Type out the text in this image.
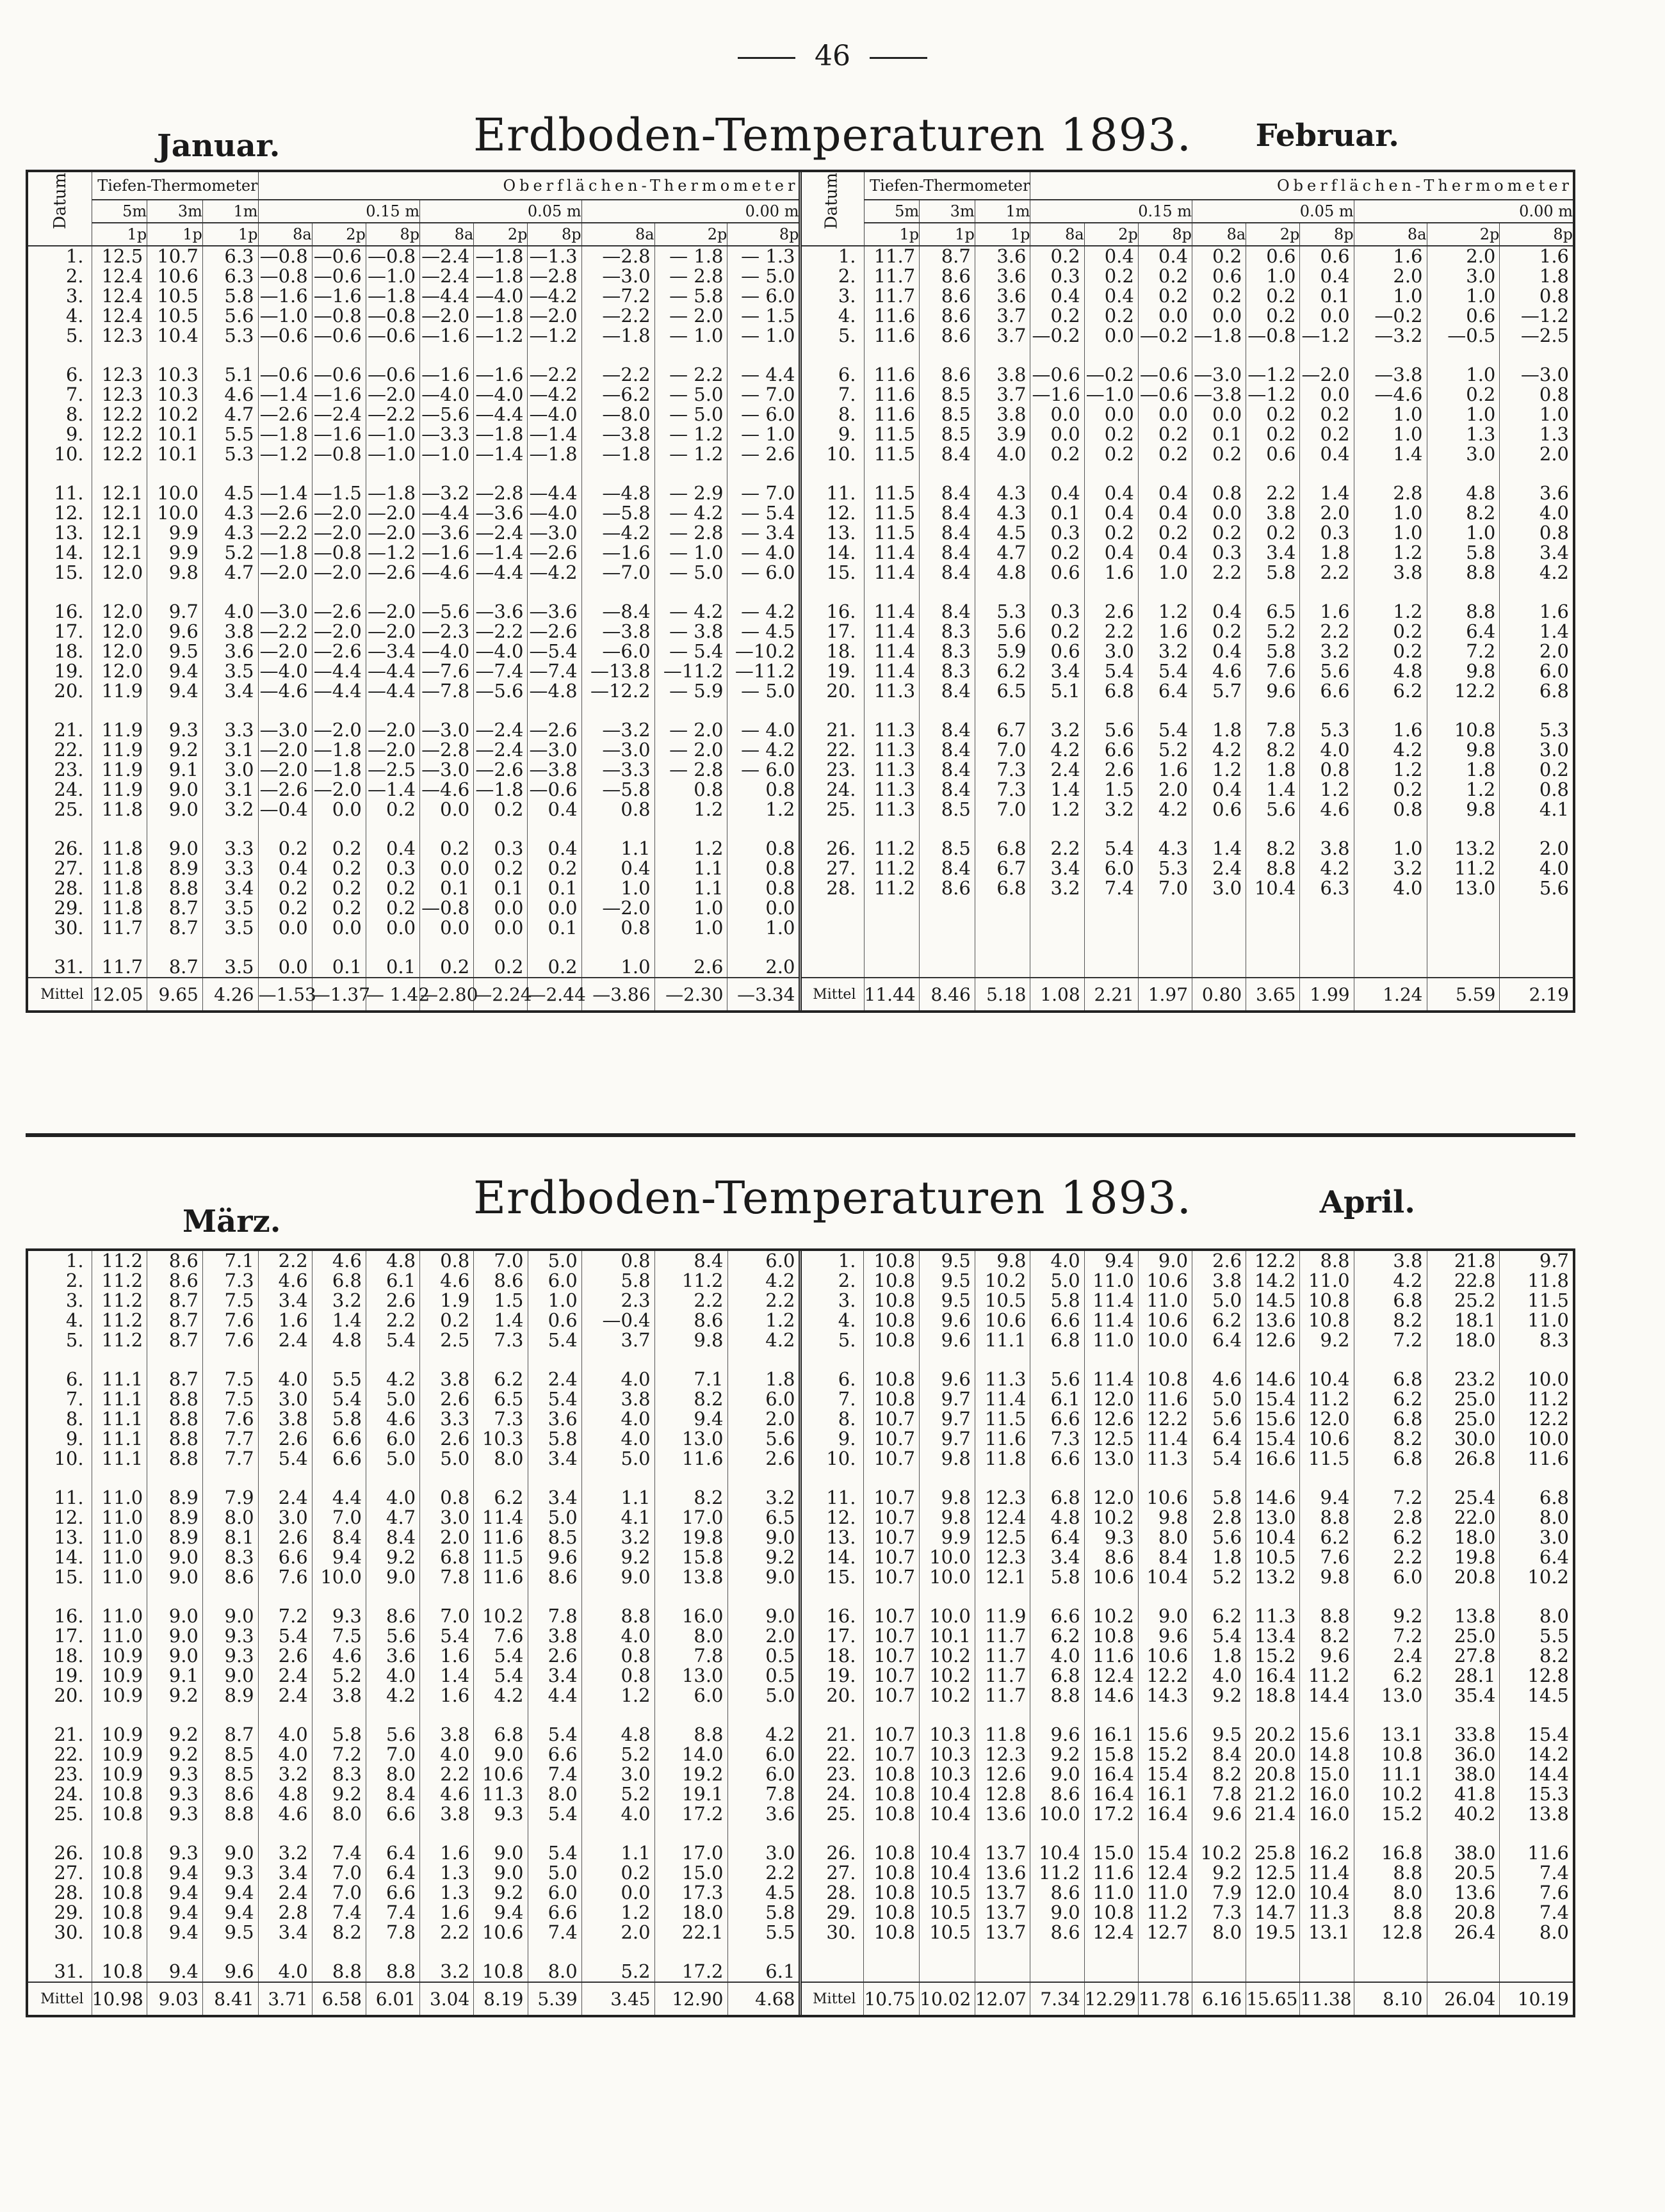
46
Januar.	Erdboden-Temperaturen 1893.	Februar.
Datum	Tiefen-Thermometer			Oberflächen-Thermometer									Datum	Tiefen-Thermometer			Oberflächen-Thermometer								
	5m	3m	1m	0.15 m			0.05 m			0.00 m				5m	3m	1m	0.15 m			0.05 m			0.00 m		
	1p	1p	1p	8a	2p	8p	8a	2p	8p	8a	2p	8p		1p	1p	1p	8a	2p	8p	8a	2p	8p	8a	2p	8p
1.	12.5	10.7	6.3	—0.8	—0.6	—0.8	—2.4	—1.8	—1.3	—2.8	— 1.8	— 1.3	1.	11.7	8.7	3.6	0.2	0.4	0.4	0.2	0.6	0.6	1.6	2.0	1.6
2.	12.4	10.6	6.3	—0.8	—0.6	—1.0	—2.4	—1.8	—2.8	—3.0	— 2.8	— 5.0	2.	11.7	8.6	3.6	0.3	0.2	0.2	0.6	1.0	0.4	2.0	3.0	1.8
3.	12.4	10.5	5.8	—1.6	—1.6	—1.8	—4.4	—4.0	—4.2	—7.2	— 5.8	— 6.0	3.	11.7	8.6	3.6	0.4	0.4	0.2	0.2	0.2	0.1	1.0	1.0	0.8
4.	12.4	10.5	5.6	—1.0	—0.8	—0.8	—2.0	—1.8	—2.0	—2.2	— 2.0	— 1.5	4.	11.6	8.6	3.7	0.2	0.2	0.0	0.0	0.2	0.0	—0.2	0.6	—1.2
5.	12.3	10.4	5.3	—0.6	—0.6	—0.6	—1.6	—1.2	—1.2	—1.8	— 1.0	— 1.0	5.	11.6	8.6	3.7	—0.2	0.0	—0.2	—1.8	—0.8	—1.2	—3.2	—0.5	—2.5

6.	12.3	10.3	5.1	—0.6	—0.6	—0.6	—1.6	—1.6	—2.2	—2.2	— 2.2	— 4.4	6.	11.6	8.6	3.8	—0.6	—0.2	—0.6	—3.0	—1.2	—2.0	—3.8	1.0	—3.0
7.	12.3	10.3	4.6	—1.4	—1.6	—2.0	—4.0	—4.0	—4.2	—6.2	— 5.0	— 7.0	7.	11.6	8.5	3.7	—1.6	—1.0	—0.6	—3.8	—1.2	0.0	—4.6	0.2	0.8
8.	12.2	10.2	4.7	—2.6	—2.4	—2.2	—5.6	—4.4	—4.0	—8.0	— 5.0	— 6.0	8.	11.6	8.5	3.8	0.0	0.0	0.0	0.0	0.2	0.2	1.0	1.0	1.0
9.	12.2	10.1	5.5	—1.8	—1.6	—1.0	—3.3	—1.8	—1.4	—3.8	— 1.2	— 1.0	9.	11.5	8.5	3.9	0.0	0.2	0.2	0.1	0.2	0.2	1.0	1.3	1.3
10.	12.2	10.1	5.3	—1.2	—0.8	—1.0	—1.0	—1.4	—1.8	—1.8	— 1.2	— 2.6	10.	11.5	8.4	4.0	0.2	0.2	0.2	0.2	0.6	0.4	1.4	3.0	2.0

11.	12.1	10.0	4.5	—1.4	—1.5	—1.8	—3.2	—2.8	—4.4	—4.8	— 2.9	— 7.0	11.	11.5	8.4	4.3	0.4	0.4	0.4	0.8	2.2	1.4	2.8	4.8	3.6
12.	12.1	10.0	4.3	—2.6	—2.0	—2.0	—4.4	—3.6	—4.0	—5.8	— 4.2	— 5.4	12.	11.5	8.4	4.3	0.1	0.4	0.4	0.0	3.8	2.0	1.0	8.2	4.0
13.	12.1	9.9	4.3	—2.2	—2.0	—2.0	—3.6	—2.4	—3.0	—4.2	— 2.8	— 3.4	13.	11.5	8.4	4.5	0.3	0.2	0.2	0.2	0.2	0.3	1.0	1.0	0.8
14.	12.1	9.9	5.2	—1.8	—0.8	—1.2	—1.6	—1.4	—2.6	—1.6	— 1.0	— 4.0	14.	11.4	8.4	4.7	0.2	0.4	0.4	0.3	3.4	1.8	1.2	5.8	3.4
15.	12.0	9.8	4.7	—2.0	—2.0	—2.6	—4.6	—4.4	—4.2	—7.0	— 5.0	— 6.0	15.	11.4	8.4	4.8	0.6	1.6	1.0	2.2	5.8	2.2	3.8	8.8	4.2

16.	12.0	9.7	4.0	—3.0	—2.6	—2.0	—5.6	—3.6	—3.6	—8.4	— 4.2	— 4.2	16.	11.4	8.4	5.3	0.3	2.6	1.2	0.4	6.5	1.6	1.2	8.8	1.6
17.	12.0	9.6	3.8	—2.2	—2.0	—2.0	—2.3	—2.2	—2.6	—3.8	— 3.8	— 4.5	17.	11.4	8.3	5.6	0.2	2.2	1.6	0.2	5.2	2.2	0.2	6.4	1.4
18.	12.0	9.5	3.6	—2.0	—2.6	—3.4	—4.0	—4.0	—5.4	—6.0	— 5.4	—10.2	18.	11.4	8.3	5.9	0.6	3.0	3.2	0.4	5.8	3.2	0.2	7.2	2.0
19.	12.0	9.4	3.5	—4.0	—4.4	—4.4	—7.6	—7.4	—7.4	—13.8	—11.2	—11.2	19.	11.4	8.3	6.2	3.4	5.4	5.4	4.6	7.6	5.6	4.8	9.8	6.0
20.	11.9	9.4	3.4	—4.6	—4.4	—4.4	—7.8	—5.6	—4.8	—12.2	— 5.9	— 5.0	20.	11.3	8.4	6.5	5.1	6.8	6.4	5.7	9.6	6.6	6.2	12.2	6.8

21.	11.9	9.3	3.3	—3.0	—2.0	—2.0	—3.0	—2.4	—2.6	—3.2	— 2.0	— 4.0	21.	11.3	8.4	6.7	3.2	5.6	5.4	1.8	7.8	5.3	1.6	10.8	5.3
22.	11.9	9.2	3.1	—2.0	—1.8	—2.0	—2.8	—2.4	—3.0	—3.0	— 2.0	— 4.2	22.	11.3	8.4	7.0	4.2	6.6	5.2	4.2	8.2	4.0	4.2	9.8	3.0
23.	11.9	9.1	3.0	—2.0	—1.8	—2.5	—3.0	—2.6	—3.8	—3.3	— 2.8	— 6.0	23.	11.3	8.4	7.3	2.4	2.6	1.6	1.2	1.8	0.8	1.2	1.8	0.2
24.	11.9	9.0	3.1	—2.6	—2.0	—1.4	—4.6	—1.8	—0.6	—5.8	0.8	0.8	24.	11.3	8.4	7.3	1.4	1.5	2.0	0.4	1.4	1.2	0.2	1.2	0.8
25.	11.8	9.0	3.2	—0.4	0.0	0.2	0.0	0.2	0.4	0.8	1.2	1.2	25.	11.3	8.5	7.0	1.2	3.2	4.2	0.6	5.6	4.6	0.8	9.8	4.1

26.	11.8	9.0	3.3	0.2	0.2	0.4	0.2	0.3	0.4	1.1	1.2	0.8	26.	11.2	8.5	6.8	2.2	5.4	4.3	1.4	8.2	3.8	1.0	13.2	2.0
27.	11.8	8.9	3.3	0.4	0.2	0.3	0.0	0.2	0.2	0.4	1.1	0.8	27.	11.2	8.4	6.7	3.4	6.0	5.3	2.4	8.8	4.2	3.2	11.2	4.0
28.	11.8	8.8	3.4	0.2	0.2	0.2	0.1	0.1	0.1	1.0	1.1	0.8	28.	11.2	8.6	6.8	3.2	7.4	7.0	3.0	10.4	6.3	4.0	13.0	5.6
29.	11.8	8.7	3.5	0.2	0.2	0.2	—0.8	0.0	0.0	—2.0	1.0	0.0													
30.	11.7	8.7	3.5	0.0	0.0	0.0	0.0	0.0	0.1	0.8	1.0	1.0													

31.	11.7	8.7	3.5	0.0	0.1	0.1	0.2	0.2	0.2	1.0	2.6	2.0													
Mittel	12.05	9.65	4.26	—1.53	—1.37	— 1.42	—2.80	—2.24	—2.44	—3.86	—2.30	—3.34	Mittel	11.44	8.46	5.18	1.08	2.21	1.97	0.80	3.65	1.99	1.24	5.59	2.19
März.	Erdboden-Temperaturen 1893.	April.
1.	11.2	8.6	7.1	2.2	4.6	4.8	0.8	7.0	5.0	0.8	8.4	6.0	1.	10.8	9.5	9.8	4.0	9.4	9.0	2.6	12.2	8.8	3.8	21.8	9.7
2.	11.2	8.6	7.3	4.6	6.8	6.1	4.6	8.6	6.0	5.8	11.2	4.2	2.	10.8	9.5	10.2	5.0	11.0	10.6	3.8	14.2	11.0	4.2	22.8	11.8
3.	11.2	8.7	7.5	3.4	3.2	2.6	1.9	1.5	1.0	2.3	2.2	2.2	3.	10.8	9.5	10.5	5.8	11.4	11.0	5.0	14.5	10.8	6.8	25.2	11.5
4.	11.2	8.7	7.6	1.6	1.4	2.2	0.2	1.4	0.6	—0.4	8.6	1.2	4.	10.8	9.6	10.6	6.6	11.4	10.6	6.2	13.6	10.8	8.2	18.1	11.0
5.	11.2	8.7	7.6	2.4	4.8	5.4	2.5	7.3	5.4	3.7	9.8	4.2	5.	10.8	9.6	11.1	6.8	11.0	10.0	6.4	12.6	9.2	7.2	18.0	8.3

6.	11.1	8.7	7.5	4.0	5.5	4.2	3.8	6.2	2.4	4.0	7.1	1.8	6.	10.8	9.6	11.3	5.6	11.4	10.8	4.6	14.6	10.4	6.8	23.2	10.0
7.	11.1	8.8	7.5	3.0	5.4	5.0	2.6	6.5	5.4	3.8	8.2	6.0	7.	10.8	9.7	11.4	6.1	12.0	11.6	5.0	15.4	11.2	6.2	25.0	11.2
8.	11.1	8.8	7.6	3.8	5.8	4.6	3.3	7.3	3.6	4.0	9.4	2.0	8.	10.7	9.7	11.5	6.6	12.6	12.2	5.6	15.6	12.0	6.8	25.0	12.2
9.	11.1	8.8	7.7	2.6	6.6	6.0	2.6	10.3	5.8	4.0	13.0	5.6	9.	10.7	9.7	11.6	7.3	12.5	11.4	6.4	15.4	10.6	8.2	30.0	10.0
10.	11.1	8.8	7.7	5.4	6.6	5.0	5.0	8.0	3.4	5.0	11.6	2.6	10.	10.7	9.8	11.8	6.6	13.0	11.3	5.4	16.6	11.5	6.8	26.8	11.6

11.	11.0	8.9	7.9	2.4	4.4	4.0	0.8	6.2	3.4	1.1	8.2	3.2	11.	10.7	9.8	12.3	6.8	12.0	10.6	5.8	14.6	9.4	7.2	25.4	6.8
12.	11.0	8.9	8.0	3.0	7.0	4.7	3.0	11.4	5.0	4.1	17.0	6.5	12.	10.7	9.8	12.4	4.8	10.2	9.8	2.8	13.0	8.8	2.8	22.0	8.0
13.	11.0	8.9	8.1	2.6	8.4	8.4	2.0	11.6	8.5	3.2	19.8	9.0	13.	10.7	9.9	12.5	6.4	9.3	8.0	5.6	10.4	6.2	6.2	18.0	3.0
14.	11.0	9.0	8.3	6.6	9.4	9.2	6.8	11.5	9.6	9.2	15.8	9.2	14.	10.7	10.0	12.3	3.4	8.6	8.4	1.8	10.5	7.6	2.2	19.8	6.4
15.	11.0	9.0	8.6	7.6	10.0	9.0	7.8	11.6	8.6	9.0	13.8	9.0	15.	10.7	10.0	12.1	5.8	10.6	10.4	5.2	13.2	9.8	6.0	20.8	10.2

16.	11.0	9.0	9.0	7.2	9.3	8.6	7.0	10.2	7.8	8.8	16.0	9.0	16.	10.7	10.0	11.9	6.6	10.2	9.0	6.2	11.3	8.8	9.2	13.8	8.0
17.	11.0	9.0	9.3	5.4	7.5	5.6	5.4	7.6	3.8	4.0	8.0	2.0	17.	10.7	10.1	11.7	6.2	10.8	9.6	5.4	13.4	8.2	7.2	25.0	5.5
18.	10.9	9.0	9.3	2.6	4.6	3.6	1.6	5.4	2.6	0.8	7.8	0.5	18.	10.7	10.2	11.7	4.0	11.6	10.6	1.8	15.2	9.6	2.4	27.8	8.2
19.	10.9	9.1	9.0	2.4	5.2	4.0	1.4	5.4	3.4	0.8	13.0	0.5	19.	10.7	10.2	11.7	6.8	12.4	12.2	4.0	16.4	11.2	6.2	28.1	12.8
20.	10.9	9.2	8.9	2.4	3.8	4.2	1.6	4.2	4.4	1.2	6.0	5.0	20.	10.7	10.2	11.7	8.8	14.6	14.3	9.2	18.8	14.4	13.0	35.4	14.5

21.	10.9	9.2	8.7	4.0	5.8	5.6	3.8	6.8	5.4	4.8	8.8	4.2	21.	10.7	10.3	11.8	9.6	16.1	15.6	9.5	20.2	15.6	13.1	33.8	15.4
22.	10.9	9.2	8.5	4.0	7.2	7.0	4.0	9.0	6.6	5.2	14.0	6.0	22.	10.7	10.3	12.3	9.2	15.8	15.2	8.4	20.0	14.8	10.8	36.0	14.2
23.	10.9	9.3	8.5	3.2	8.3	8.0	2.2	10.6	7.4	3.0	19.2	6.0	23.	10.8	10.3	12.6	9.0	16.4	15.4	8.2	20.8	15.0	11.1	38.0	14.4
24.	10.8	9.3	8.6	4.8	9.2	8.4	4.6	11.3	8.0	5.2	19.1	7.8	24.	10.8	10.4	12.8	8.6	16.4	16.1	7.8	21.2	16.0	10.2	41.8	15.3
25.	10.8	9.3	8.8	4.6	8.0	6.6	3.8	9.3	5.4	4.0	17.2	3.6	25.	10.8	10.4	13.6	10.0	17.2	16.4	9.6	21.4	16.0	15.2	40.2	13.8

26.	10.8	9.3	9.0	3.2	7.4	6.4	1.6	9.0	5.4	1.1	17.0	3.0	26.	10.8	10.4	13.7	10.4	15.0	15.4	10.2	25.8	16.2	16.8	38.0	11.6
27.	10.8	9.4	9.3	3.4	7.0	6.4	1.3	9.0	5.0	0.2	15.0	2.2	27.	10.8	10.4	13.6	11.2	11.6	12.4	9.2	12.5	11.4	8.8	20.5	7.4
28.	10.8	9.4	9.4	2.4	7.0	6.6	1.3	9.2	6.0	0.0	17.3	4.5	28.	10.8	10.5	13.7	8.6	11.0	11.0	7.9	12.0	10.4	8.0	13.6	7.6
29.	10.8	9.4	9.4	2.8	7.4	7.4	1.6	9.4	6.6	1.2	18.0	5.8	29.	10.8	10.5	13.7	9.0	10.8	11.2	7.3	14.7	11.3	8.8	20.8	7.4
30.	10.8	9.4	9.5	3.4	8.2	7.8	2.2	10.6	7.4	2.0	22.1	5.5	30.	10.8	10.5	13.7	8.6	12.4	12.7	8.0	19.5	13.1	12.8	26.4	8.0

31.	10.8	9.4	9.6	4.0	8.8	8.8	3.2	10.8	8.0	5.2	17.2	6.1													
Mittel	10.98	9.03	8.41	3.71	6.58	6.01	3.04	8.19	5.39	3.45	12.90	4.68	Mittel	10.75	10.02	12.07	7.34	12.29	11.78	6.16	15.65	11.38	8.10	26.04	10.19
